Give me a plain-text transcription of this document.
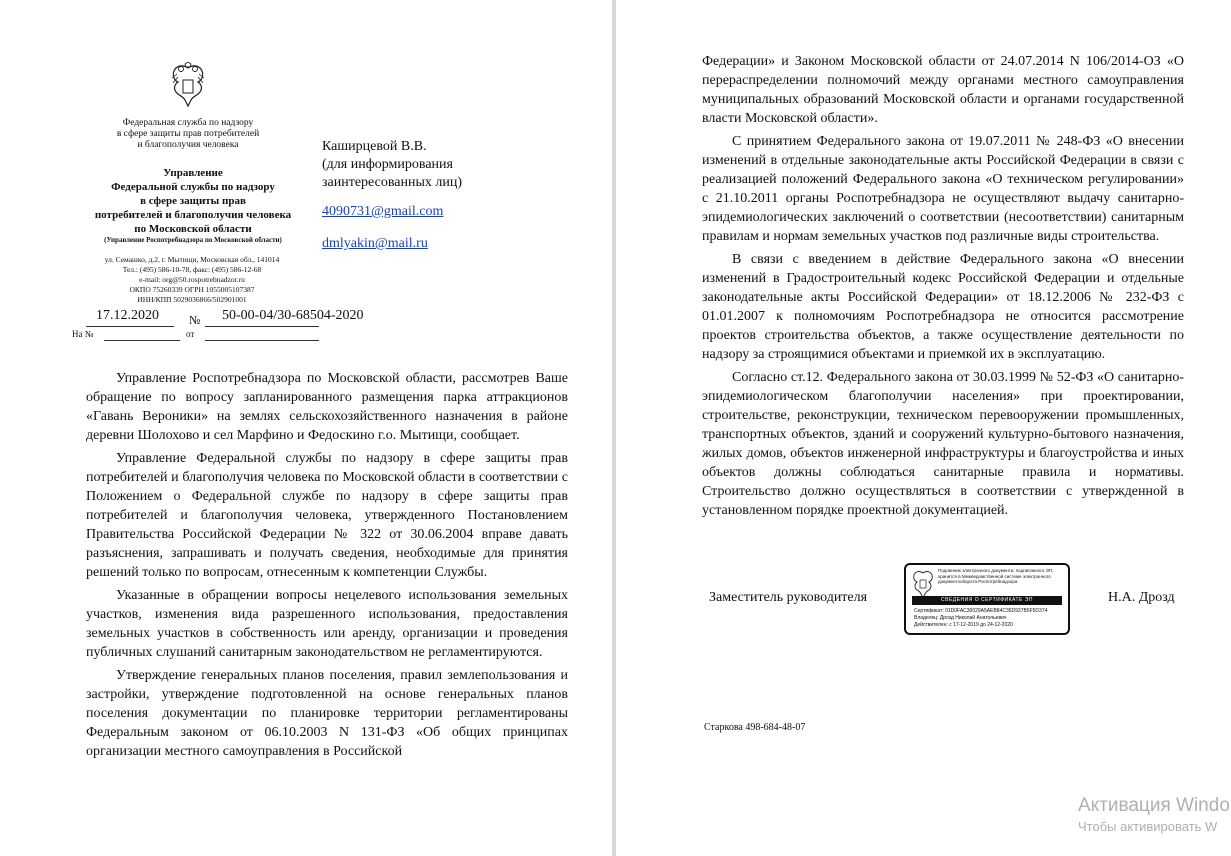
Федеральная служба по надзору
в сфере защиты прав потребителей
и благополучия человека
Управление
Федеральной службы по надзору
в сфере защиты прав
потребителей и благополучия человека
по Московской области
(Управление Роспотребнадзора по Московской области)
ул. Семашко, д.2, г. Мытищи, Московская обл., 141014
Тел.: (495) 586-10-78, факс: (495) 586-12-68
e-mail: org@50.rospotrebnadzor.ru
ОКПО 75260339 ОГРН 1055005107387
ИНН/КПП 5029036866/502901001
17.12.2020	№ 50-00-04/30-68504-2020
На №	от
Каширцевой В.В.
(для информирования
заинтересованных лиц)
4090731@gmail.com
dmlyakin@mail.ru

Управление Роспотребнадзора по Московской области, рассмотрев Ваше обращение по вопросу запланированного размещения парка аттракционов «Гавань Вероники» на землях сельскохозяйственного назначения в районе деревни Шолохово и сел Марфино и Федоскино г.о. Мытищи, сообщает.

Управление Федеральной службы по надзору в сфере защиты прав потребителей и благополучия человека по Московской области в соответствии с Положением о Федеральной службе по надзору в сфере защиты прав потребителей и благополучия человека, утвержденного Постановлением Правительства Российской Федерации № 322 от 30.06.2004 вправе давать разъяснения, запрашивать и получать сведения, необходимые для принятия решений только по вопросам, отнесенным к компетенции Службы.

Указанные в обращении вопросы нецелевого использования земельных участков, изменения вида разрешенного использования, предоставления земельных участков в собственность или аренду, организации и проведения публичных слушаний санитарным законодательством не регламентируются.

Утверждение генеральных планов поселения, правил землепользования и застройки, утверждение подготовленной на основе генеральных планов поселения документации по планировке территории регламентированы Федеральным законом от 06.10.2003 N 131-ФЗ «Об общих принципах организации местного самоуправления в Российской

Федерации» и Законом Московской области от 24.07.2014 N 106/2014-ОЗ «О перераспределении полномочий между органами местного самоуправления муниципальных образований Московской области и органами государственной власти Московской области».

С принятием Федерального закона от 19.07.2011 № 248-ФЗ «О внесении изменений в отдельные законодательные акты Российской Федерации в связи с реализацией положений Федерального закона «О техническом регулировании» с 21.10.2011 органы Роспотребнадзора не осуществляют выдачу санитарно-эпидемиологических заключений о соответствии (несоответствии) санитарным правилам и нормам земельных участков под различные виды строительства.

В связи с введением в действие Федерального закона «О внесении изменений в Градостроительный кодекс Российской Федерации и отдельные законодательные акты Российской Федерации» от 18.12.2006 № 232-ФЗ с 01.01.2007 к полномочиям Роспотребнадзора не относится рассмотрение проектов строительства объектов, а также осуществление деятельности по надзору за строящимися объектами и приемкой их в эксплуатацию.

Согласно ст.12. Федерального закона от 30.03.1999 № 52-ФЗ «О санитарно-эпидемиологическом благополучии населения» при проектировании, строительстве, реконструкции, техническом перевооружении промышленных, транспортных объектов, зданий и сооружений культурно-бытового назначения, жилых домов, объектов инженерной инфраструктуры и благоустройства и иных объектов должны соблюдаться санитарные правила и нормативы. Строительство должно осуществляться в соответствии с утвержденной в установленном порядке проектной документацией.

Заместитель руководителя
Подлинник электронного документа, подписанного ЭП, хранится в Межведомственной системе электронного документооборота Роспотребнадзора
СВЕДЕНИЯ О СЕРТИФИКАТЕ ЭП
Сертификат: 01D0FAC30029A5AEB84C35D937B5F5D374
Владелец: Дрозд Николай Анатольевич
Действителен: с 17-12-2019 до 24-12-2020
Н.А. Дрозд
Старкова 498-684-48-07
Активация Windo
Чтобы активировать W
